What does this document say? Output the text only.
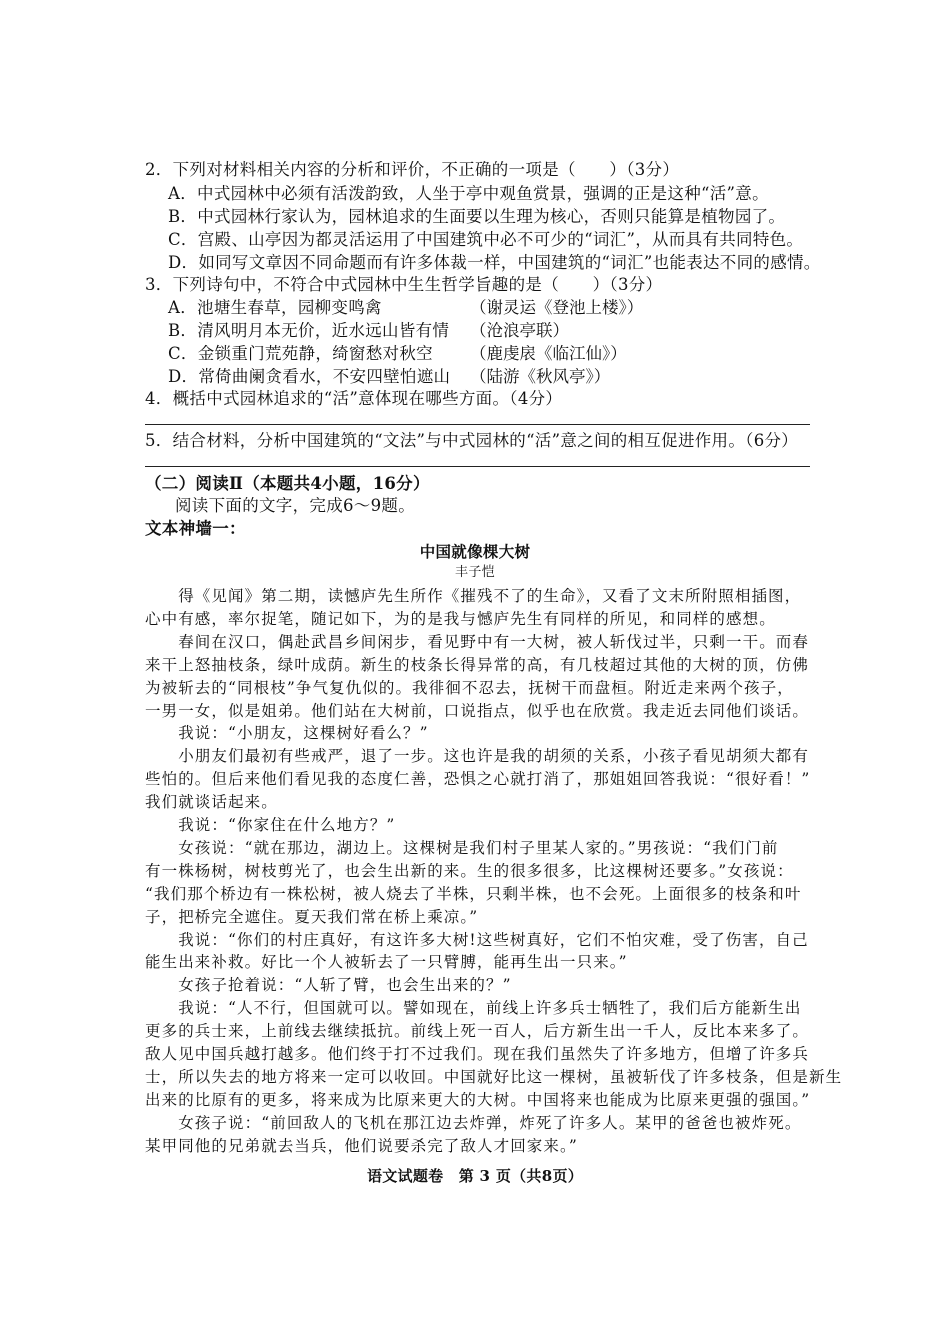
2．下列对材料相关内容的分析和评价，不正确的一项是（　　）（3分）
A．中式园林中必须有活泼韵致，人坐于亭中观鱼赏景，强调的正是这种“活”意。
B．中式园林行家认为，园林追求的生面要以生理为核心，否则只能算是植物园了。
C．宫殿、山亭因为都灵活运用了中国建筑中必不可少的“词汇”，从而具有共同特色。
D．如同写文章因不同命题而有许多体裁一样，中国建筑的“词汇”也能表达不同的感情。
3．下列诗句中，不符合中式园林中生生哲学旨趣的是（　　）（3分）
A．池塘生春草，园柳变鸣禽	（谢灵运《登池上楼》）
B．清风明月本无价，近水远山皆有情 （沧浪亭联）
C．金锁重门荒苑静，绮窗愁对秋空 （鹿虔扆《临江仙》）
D．常倚曲阑贪看水，不安四壁怕遮山 （陆游《秋风亭》）
4．概括中式园林追求的“活”意体现在哪些方面。（4分）
5．结合材料，分析中国建筑的“文法”与中式园林的“活”意之间的相互促进作用。（6分）
（二）阅读Ⅱ（本题共4小题，16分）
阅读下面的文字，完成6～9题。
文本神墙一：
中国就像棵大树
丰子恺
　　得《见闻》第二期，读憾庐先生所作《摧残不了的生命》，又看了文末所附照相插图，
心中有感，率尔捉笔，随记如下，为的是我与憾庐先生有同样的所见，和同样的感想。
　　春间在汉口，偶赴武昌乡间闲步，看见野中有一大树，被人斩伐过半，只剩一干。而春
来干上怒抽枝条，绿叶成荫。新生的枝条长得异常的高，有几枝超过其他的大树的顶，仿佛
为被斩去的“同根枝”争气复仇似的。我徘徊不忍去，抚树干而盘桓。附近走来两个孩子，
一男一女，似是姐弟。他们站在大树前，口说指点，似乎也在欣赏。我走近去同他们谈话。
　　我说：“小朋友，这棵树好看么？”
　　小朋友们最初有些戒严，退了一步。这也许是我的胡须的关系，小孩子看见胡须大都有
些怕的。但后来他们看见我的态度仁善，恐惧之心就打消了，那姐姐回答我说：“很好看！”
我们就谈话起来。
　　我说：“你家住在什么地方？”
　　女孩说：“就在那边，湖边上。这棵树是我们村子里某人家的。”男孩说：“我们门前
有一株杨树，树枝剪光了，也会生出新的来。生的很多很多，比这棵树还要多。”女孩说：
“我们那个桥边有一株松树，被人烧去了半株，只剩半株，也不会死。上面很多的枝条和叶
子，把桥完全遮住。夏天我们常在桥上乘凉。”
　　我说：“你们的村庄真好，有这许多大树!这些树真好，它们不怕灾难，受了伤害，自己
能生出来补救。好比一个人被斩去了一只臂膊，能再生出一只来。”
　　女孩子抢着说：“人斩了臂，也会生出来的？”
　　我说：“人不行，但国就可以。譬如现在，前线上许多兵士牺牲了，我们后方能新生出
更多的兵士来，上前线去继续抵抗。前线上死一百人，后方新生出一千人，反比本来多了。
敌人见中国兵越打越多。他们终于打不过我们。现在我们虽然失了许多地方，但增了许多兵
士，所以失去的地方将来一定可以收回。中国就好比这一棵树，虽被斩伐了许多枝条，但是新生
出来的比原有的更多，将来成为比原来更大的大树。中国将来也能成为比原来更强的强国。”
　　女孩子说：“前回敌人的飞机在那江边去炸弹，炸死了许多人。某甲的爸爸也被炸死。
某甲同他的兄弟就去当兵，他们说要杀完了敌人才回家来。”
语文试题卷　第 3 页（共8页）
